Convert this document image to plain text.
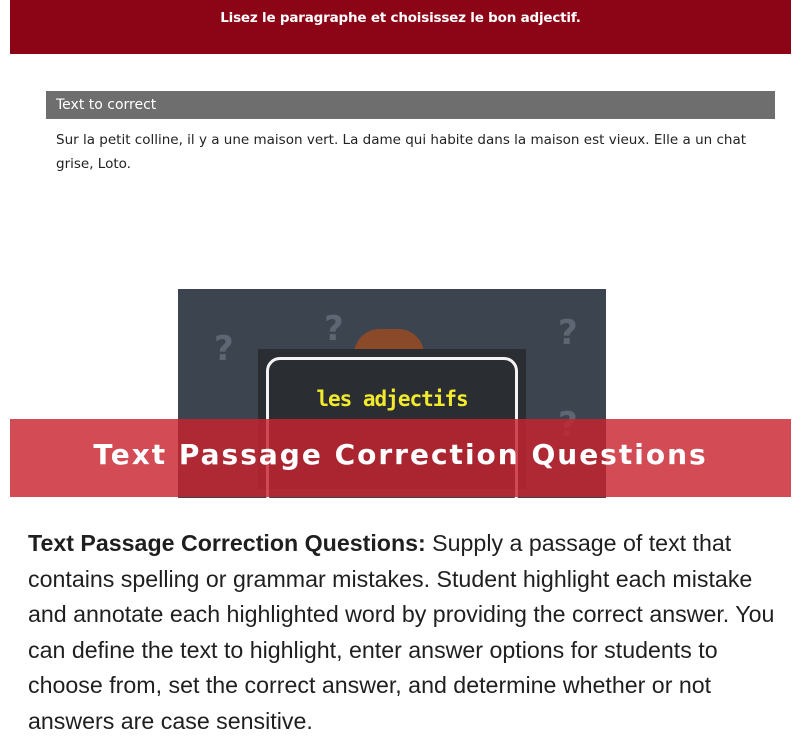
Lisez le paragraphe et choisissez le bon adjectif.
Text to correct
Sur la petit colline, il y a une maison vert. La dame qui habite dans la maison est vieux. Elle a un chat grise, Loto.
?	?	?
les adjectifs
Text Passage Correction Questions
Text Passage Correction Questions: Supply a passage of text that contains spelling or grammar mistakes. Student highlight each mistake and annotate each highlighted word by providing the correct answer. You can define the text to highlight, enter answer options for students to choose from, set the correct answer, and determine whether or not answers are case sensitive.
